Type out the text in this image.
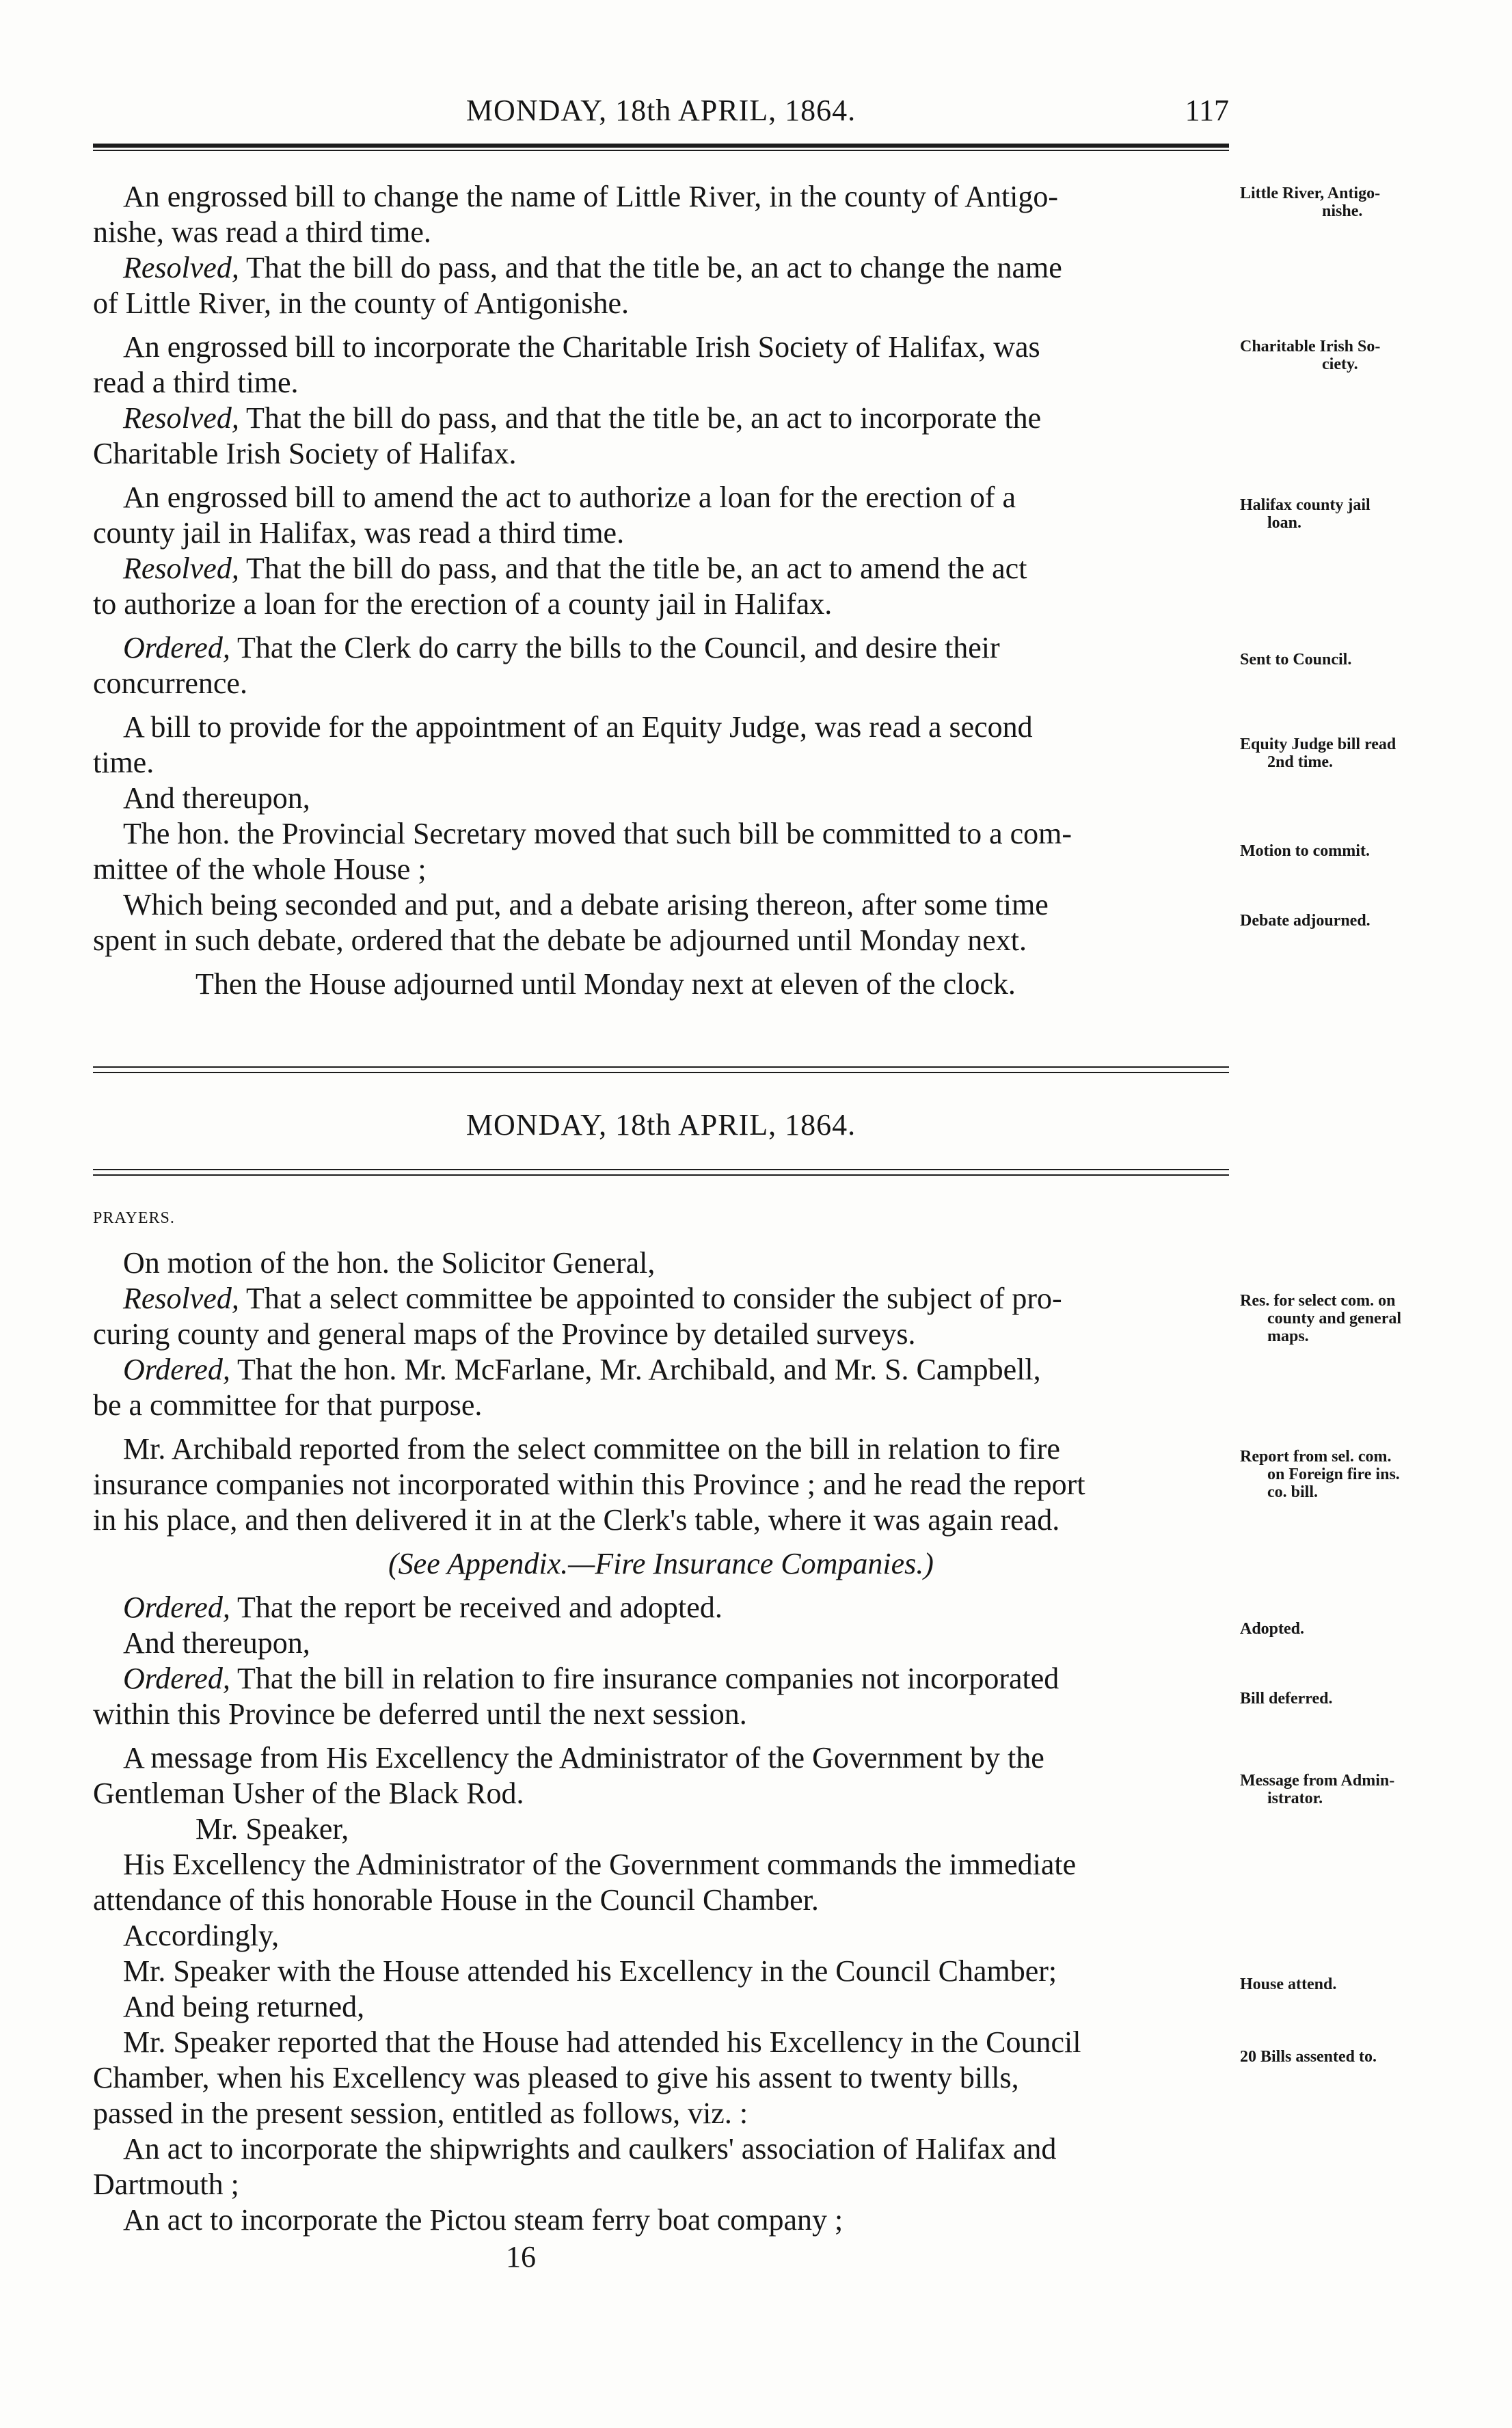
MONDAY, 18th APRIL, 1864.	117

An engrossed bill to change the name of Little River, in the county of Antigo-
nishe, was read a third time.

Resolved, That the bill do pass, and that the title be, an act to change the name
of Little River, in the county of Antigonishe.

An engrossed bill to incorporate the Charitable Irish Society of Halifax, was
read a third time.

Resolved, That the bill do pass, and that the title be, an act to incorporate the
Charitable Irish Society of Halifax.

An engrossed bill to amend the act to authorize a loan for the erection of a
county jail in Halifax, was read a third time.

Resolved, That the bill do pass, and that the title be, an act to amend the act
to authorize a loan for the erection of a county jail in Halifax.

Ordered, That the Clerk do carry the bills to the Council, and desire their
concurrence.

A bill to provide for the appointment of an Equity Judge, was read a second
time.

And thereupon,

The hon. the Provincial Secretary moved that such bill be committed to a com-
mittee of the whole House ;

Which being seconded and put, and a debate arising thereon, after some time
spent in such debate, ordered that the debate be adjourned until Monday next.

Then the House adjourned until Monday next at eleven of the clock.

MONDAY, 18th APRIL, 1864.

PRAYERS.

On motion of the hon. the Solicitor General,

Resolved, That a select committee be appointed to consider the subject of pro-
curing county and general maps of the Province by detailed surveys.

Ordered, That the hon. Mr. McFarlane, Mr. Archibald, and Mr. S. Campbell,
be a committee for that purpose.

Mr. Archibald reported from the select committee on the bill in relation to fire
insurance companies not incorporated within this Province ; and he read the report
in his place, and then delivered it in at the Clerk's table, where it was again read.

(See Appendix.—Fire Insurance Companies.)

Ordered, That the report be received and adopted.

And thereupon,

Ordered, That the bill in relation to fire insurance companies not incorporated
within this Province be deferred until the next session.

A message from His Excellency the Administrator of the Government by the
Gentleman Usher of the Black Rod.

Mr. Speaker,

His Excellency the Administrator of the Government commands the immediate
attendance of this honorable House in the Council Chamber.

Accordingly,

Mr. Speaker with the House attended his Excellency in the Council Chamber;

And being returned,

Mr. Speaker reported that the House had attended his Excellency in the Council
Chamber, when his Excellency was pleased to give his assent to twenty bills,
passed in the present session, entitled as follows, viz. :

An act to incorporate the shipwrights and caulkers' association of Halifax and
Dartmouth ;

An act to incorporate the Pictou steam ferry boat company ;

16
Little River, Antigo-
nishe.
Charitable Irish So-
ciety.
Halifax county jail
loan.
Sent to Council.
Equity Judge bill read
2nd time.
Motion to commit.
Debate adjourned.
Res. for select com. on
county and general
maps.
Report from sel. com.
on Foreign fire ins.
co. bill.
Adopted.
Bill deferred.
Message from Admin-
istrator.
House attend.
20 Bills assented to.
